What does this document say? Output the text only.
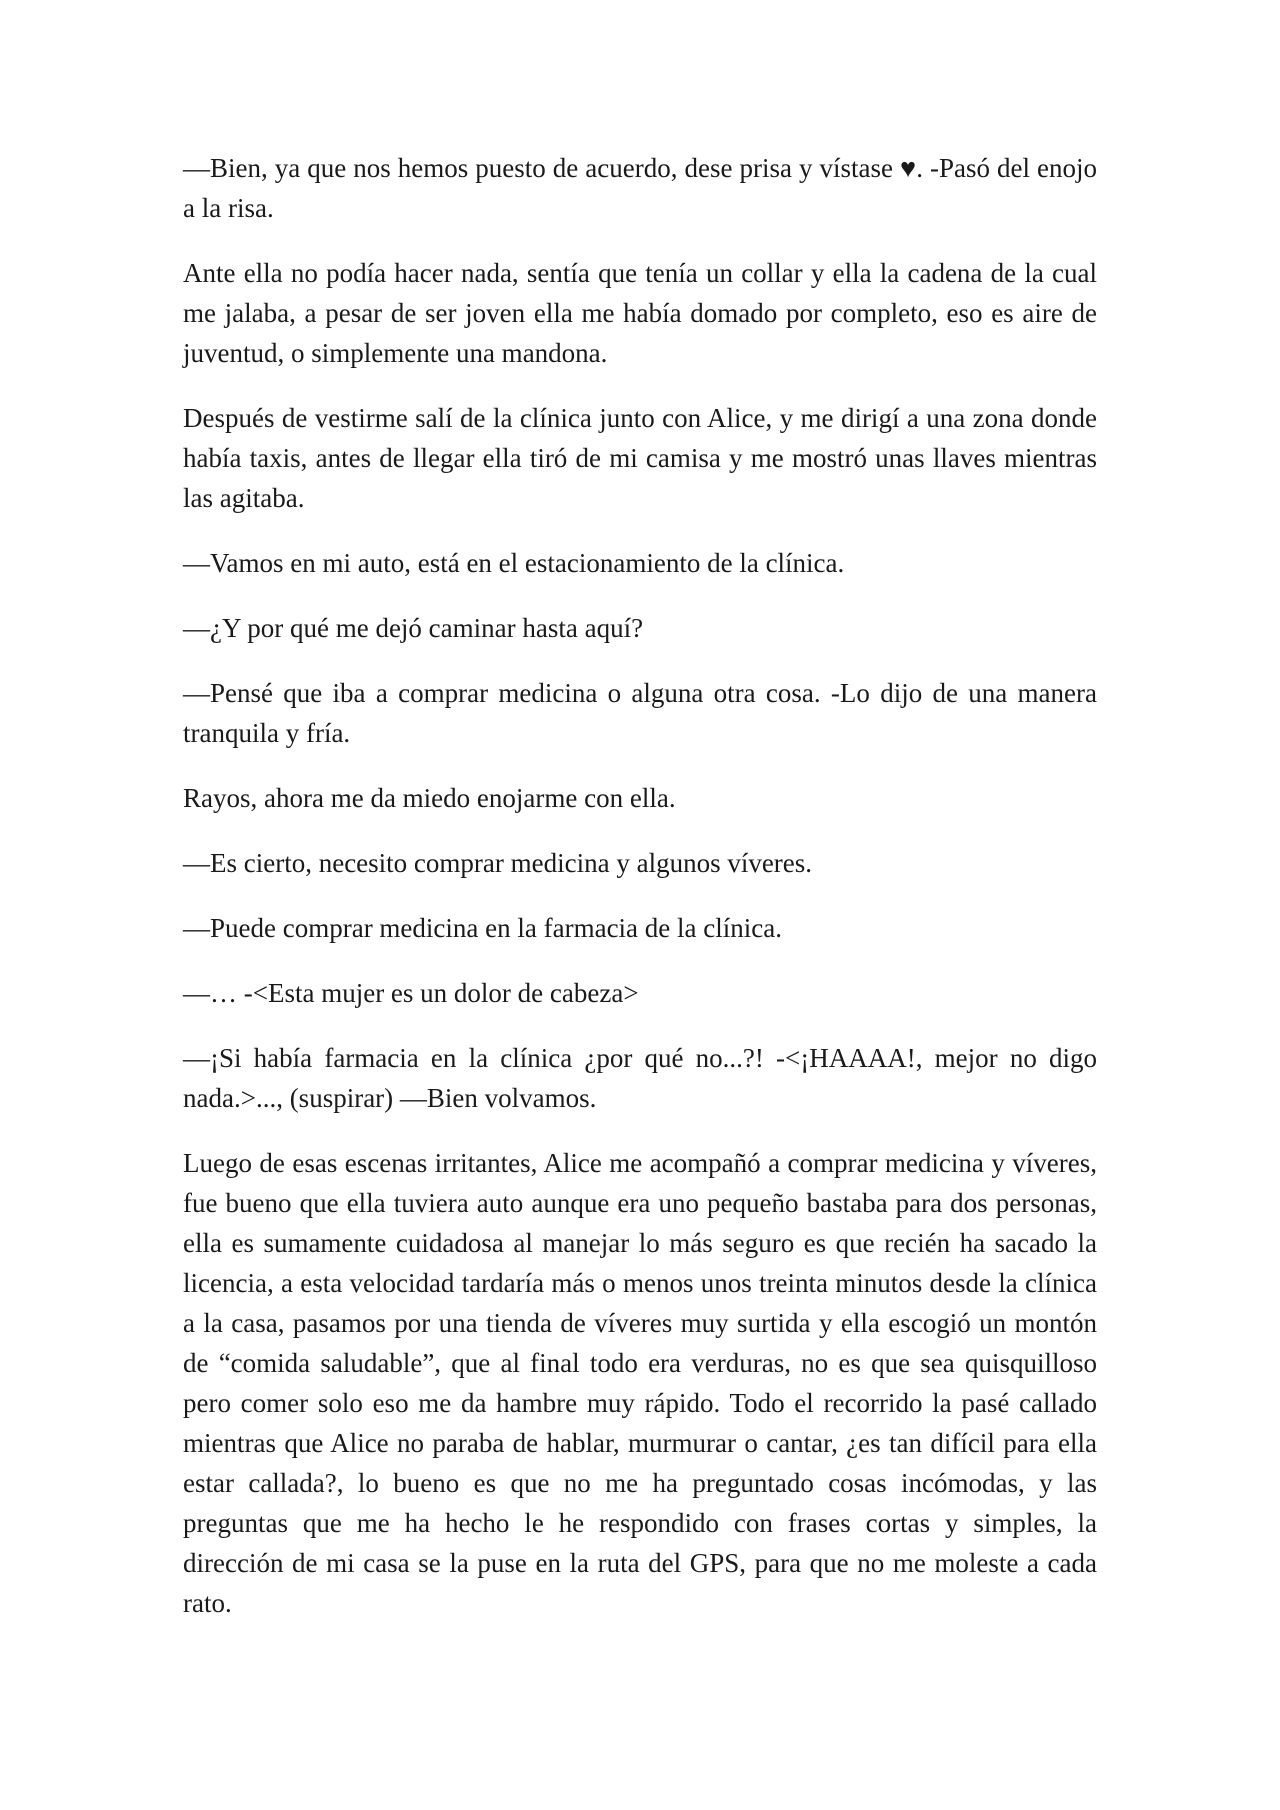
—Bien, ya que nos hemos puesto de acuerdo, dese prisa y vístase ♥. -Pasó del enojo a la risa.

Ante ella no podía hacer nada, sentía que tenía un collar y ella la cadena de la cual me jalaba, a pesar de ser joven ella me había domado por completo, eso es aire de juventud, o simplemente una mandona.

Después de vestirme salí de la clínica junto con Alice, y me dirigí a una zona donde había taxis, antes de llegar ella tiró de mi camisa y me mostró unas llaves mientras las agitaba.

—Vamos en mi auto, está en el estacionamiento de la clínica.

—¿Y por qué me dejó caminar hasta aquí?

—Pensé que iba a comprar medicina o alguna otra cosa. -Lo dijo de una manera tranquila y fría.

Rayos, ahora me da miedo enojarme con ella.

—Es cierto, necesito comprar medicina y algunos víveres.

—Puede comprar medicina en la farmacia de la clínica.

—… -<Esta mujer es un dolor de cabeza>

—¡Si había farmacia en la clínica ¿por qué no...?! -<¡HAAAA!, mejor no digo nada.>..., (suspirar) —Bien volvamos.

Luego de esas escenas irritantes, Alice me acompañó a comprar medicina y víveres, fue bueno que ella tuviera auto aunque era uno pequeño bastaba para dos personas, ella es sumamente cuidadosa al manejar lo más seguro es que recién ha sacado la licencia, a esta velocidad tardaría más o menos unos treinta minutos desde la clínica a la casa, pasamos por una tienda de víveres muy surtida y ella escogió un montón de “comida saludable”, que al final todo era verduras, no es que sea quisquilloso pero comer solo eso me da hambre muy rápido. Todo el recorrido la pasé callado mientras que Alice no paraba de hablar, murmurar o cantar, ¿es tan difícil para ella estar callada?, lo bueno es que no me ha preguntado cosas incómodas, y las preguntas que me ha hecho le he respondido con frases cortas y simples, la dirección de mi casa se la puse en la ruta del GPS, para que no me moleste a cada rato.
